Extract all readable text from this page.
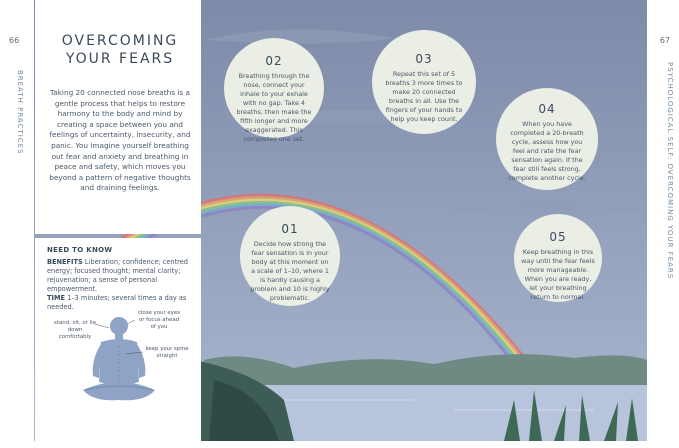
66	67
BREATH PRACTICES	PSYCHOLOGICAL SELF: OVERCOMING YOUR FEARS
OVERCOMING
YOUR FEARS
Taking 20 connected nose breaths is a gentle process that helps to restore harmony to the body and mind by creating a space between you and feelings of uncertainty, insecurity, and panic. You imagine yourself breathing out fear and anxiety and breathing in peace and safety, which moves you beyond a pattern of negative thoughts and draining feelings.
NEED TO KNOW
BENEFITS Liberation; confidence; centred energy; focused thought; mental clarity; rejuvenation; a sense of personal empowerment.
TIME 1–3 minutes; several times a day as needed.
stand, sit, or lie down comfortably
close your eyes or focus ahead of you
keep your spine straight
01
Decide how strong the fear sensation is in your body at this moment on a scale of 1–10, where 1 is hardly causing a problem and 10 is highly problematic.
02
Breathing through the nose, connect your inhale to your exhale with no gap. Take 4 breaths, then make the fifth longer and more exaggerated. This completes one set.
03
Repeat this set of 5 breaths 3 more times to make 20 connected breaths in all. Use the fingers of your hands to help you keep count.
04
When you have completed a 20-breath cycle, assess how you feel and rate the fear sensation again. If the fear still feels strong, complete another cycle.
05
Keep breathing in this way until the fear feels more manageable. When you are ready, let your breathing return to normal.
